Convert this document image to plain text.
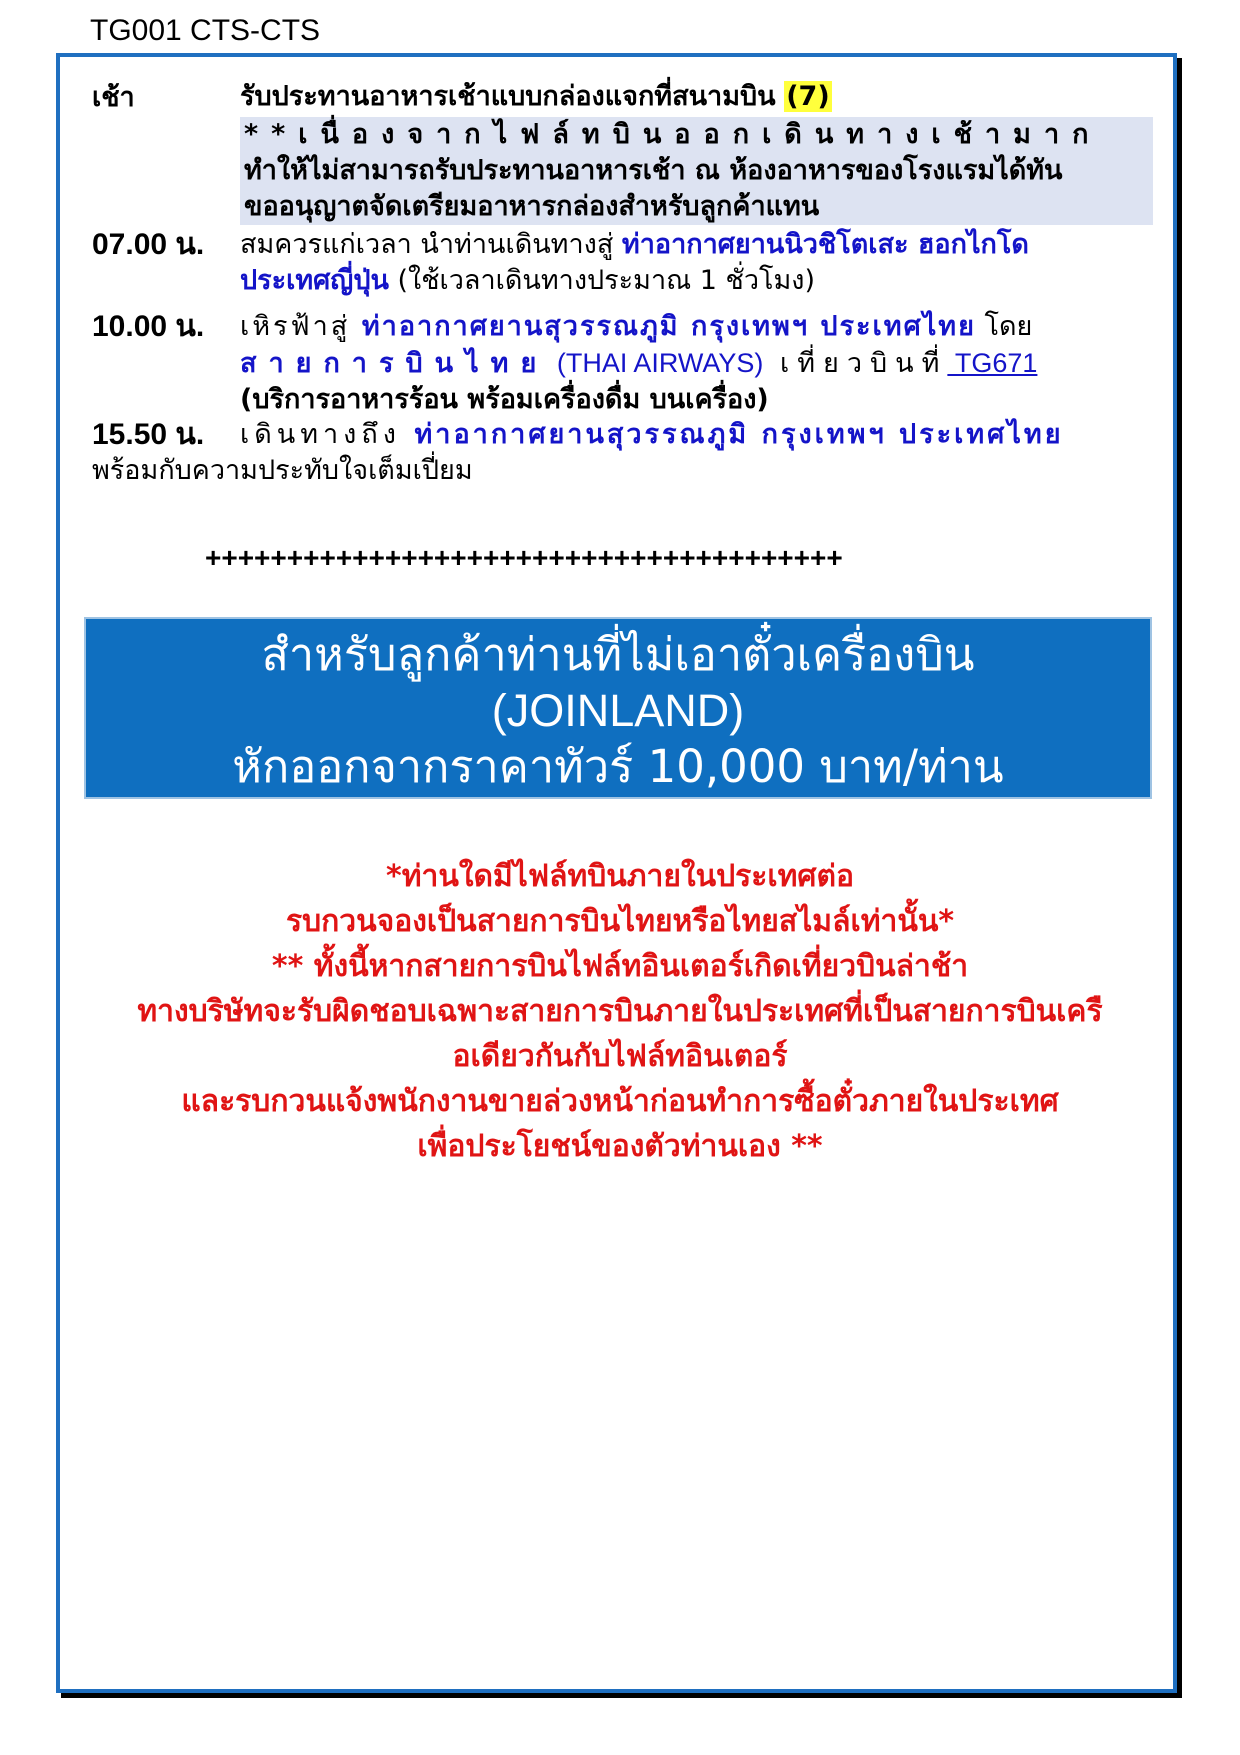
TG001 CTS-CTS
เช้า	รับประทานอาหารเช้าแบบกล่องแจกที่สนามบิน (7)
**เนื่องจากไฟล์ทบินออกเดินทางเช้ามาก
ทำให้ไม่สามารถรับประทานอาหารเช้า ณ ห้องอาหารของโรงแรมได้ทัน
ขออนุญาตจัดเตรียมอาหารกล่องสำหรับลูกค้าแทน
07.00 น. สมควรแก่เวลา นำท่านเดินทางสู่ ท่าอากาศยานนิวชิโตเสะ ฮอกไกโด
ประเทศญี่ปุ่น (ใช้เวลาเดินทางประมาณ 1 ชั่วโมง)
10.00 น. เหิรฟ้าสู่ ท่าอากาศยานสุวรรณภูมิ กรุงเทพฯ ประเทศไทย โดย
สายการบินไทย (THAI AIRWAYS) เที่ยวบินที่ TG671
(บริการอาหารร้อน พร้อมเครื่องดื่ม บนเครื่อง)
15.50 น. เดินทางถึง ท่าอากาศยานสุวรรณภูมิ กรุงเทพฯ ประเทศไทย
พร้อมกับความประทับใจเต็มเปี่ยม
+++++++++++++++++++++++++++++++++++++++
สำหรับลูกค้าท่านที่ไม่เอาตั๋วเครื่องบิน
(JOINLAND)
หักออกจากราคาทัวร์ 10,000 บาท/ท่าน
*ท่านใดมีไฟล์ทบินภายในประเทศต่อ
รบกวนจองเป็นสายการบินไทยหรือไทยสไมล์เท่านั้น*
** ทั้งนี้หากสายการบินไฟล์ทอินเตอร์เกิดเที่ยวบินล่าช้า
ทางบริษัทจะรับผิดชอบเฉพาะสายการบินภายในประเทศที่เป็นสายการบินเครื
อเดียวกันกับไฟล์ทอินเตอร์
และรบกวนแจ้งพนักงานขายล่วงหน้าก่อนทำการซื้อตั๋วภายในประเทศ
เพื่อประโยชน์ของตัวท่านเอง **
